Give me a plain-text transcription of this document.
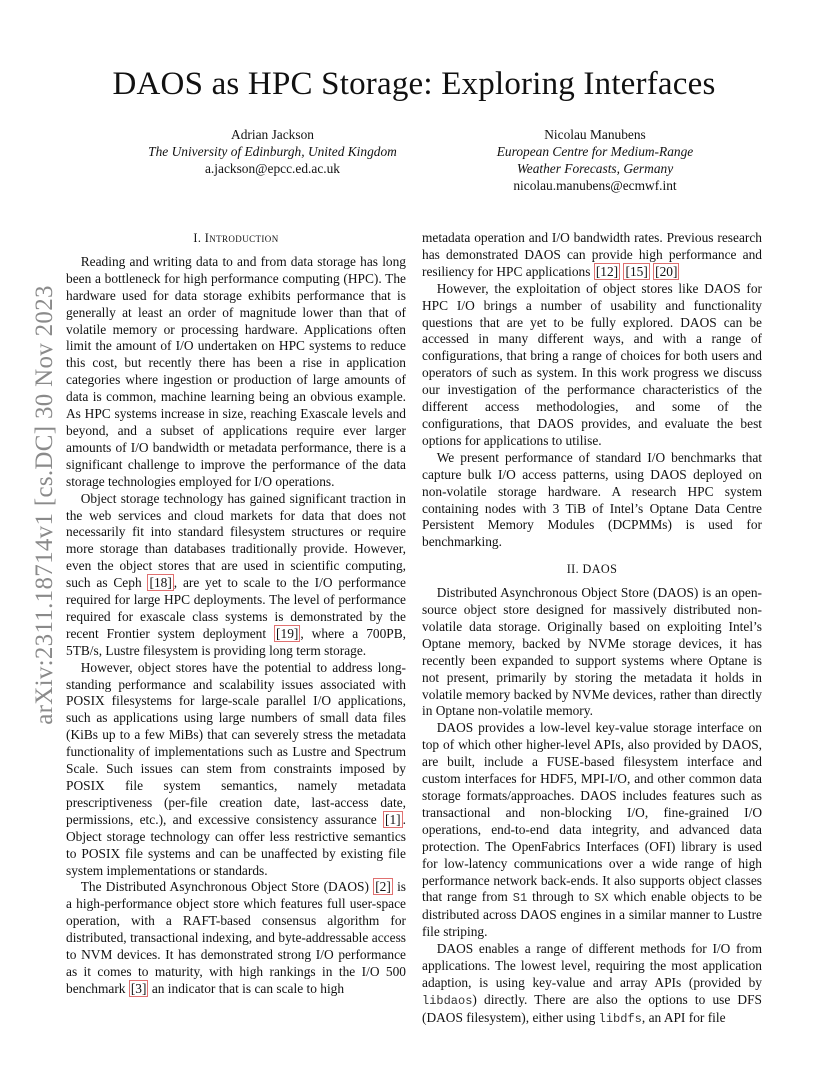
arXiv:2311.18714v1 [cs.DC] 30 Nov 2023
DAOS as HPC Storage: Exploring Interfaces
Adrian Jackson
The University of Edinburgh, United Kingdom
a.jackson@epcc.ed.ac.uk
Nicolau Manubens
European Centre for Medium-Range
Weather Forecasts, Germany
nicolau.manubens@ecmwf.int
I. Introduction

Reading and writing data to and from data storage has long been a bottleneck for high performance computing (HPC). The hardware used for data storage exhibits performance that is generally at least an order of magnitude lower than that of volatile memory or processing hardware. Applications often limit the amount of I/O undertaken on HPC systems to reduce this cost, but recently there has been a rise in application categories where ingestion or production of large amounts of data is common, machine learning being an obvious example. As HPC systems increase in size, reaching Exascale levels and beyond, and a subset of applications require ever larger amounts of I/O bandwidth or metadata performance, there is a significant challenge to improve the performance of the data storage technologies employed for I/O operations.

Object storage technology has gained significant traction in the web services and cloud markets for data that does not necessarily fit into standard filesystem structures or require more storage than databases traditionally provide. However, even the object stores that are used in scientific computing, such as Ceph [18] , are yet to scale to the I/O performance required for large HPC deployments. The level of performance required for exascale class systems is demonstrated by the recent Frontier system deployment [19] , where a 700PB, 5TB/s, Lustre filesystem is providing long term storage.

However, object stores have the potential to address long-standing performance and scalability issues associated with POSIX filesystems for large-scale parallel I/O applications, such as applications using large numbers of small data files (KiBs up to a few MiBs) that can severely stress the metadata functionality of implementations such as Lustre and Spectrum Scale. Such issues can stem from constraints imposed by POSIX file system semantics, namely metadata prescriptiveness (per-file creation date, last-access date, permissions, etc.), and excessive consistency assurance [1] . Object storage technology can offer less restrictive semantics to POSIX file systems and can be unaffected by existing file system implementations or standards.

The Distributed Asynchronous Object Store (DAOS) [2] is a high-performance object store which features full user-space operation, with a RAFT-based consensus algorithm for distributed, transactional indexing, and byte-addressable access to NVM devices. It has demonstrated strong I/O performance as it comes to maturity, with high rankings in the I/O 500 benchmark [3] an indicator that is can scale to high

metadata operation and I/O bandwidth rates. Previous research has demonstrated DAOS can provide high performance and resiliency for HPC applications [12] [15] [20]

However, the exploitation of object stores like DAOS for HPC I/O brings a number of usability and functionality questions that are yet to be fully explored. DAOS can be accessed in many different ways, and with a range of configurations, that bring a range of choices for both users and operators of such as system. In this work progress we discuss our investigation of the performance characteristics of the different access methodologies, and some of the configurations, that DAOS provides, and evaluate the best options for applications to utilise.

We present performance of standard I/O benchmarks that capture bulk I/O access patterns, using DAOS deployed on non-volatile storage hardware. A research HPC system containing nodes with 3 TiB of Intel’s Optane Data Centre Persistent Memory Modules (DCPMMs) is used for benchmarking.

II. DAOS

Distributed Asynchronous Object Store (DAOS) is an open-source object store designed for massively distributed non-volatile data storage. Originally based on exploiting Intel’s Optane memory, backed by NVMe storage devices, it has recently been expanded to support systems where Optane is not present, primarily by storing the metadata it holds in volatile memory backed by NVMe devices, rather than directly in Optane non-volatile memory.

DAOS provides a low-level key-value storage interface on top of which other higher-level APIs, also provided by DAOS, are built, include a FUSE-based filesystem interface and custom interfaces for HDF5, MPI-I/O, and other common data storage formats/approaches. DAOS includes features such as transactional and non-blocking I/O, fine-grained I/O operations, end-to-end data integrity, and advanced data protection. The OpenFabrics Interfaces (OFI) library is used for low-latency communications over a wide range of high performance network back-ends. It also supports object classes that range from S1 through to SX which enable objects to be distributed across DAOS engines in a similar manner to Lustre file striping.

DAOS enables a range of different methods for I/O from applications. The lowest level, requiring the most application adaption, is using key-value and array APIs (provided by libdaos) directly. There are also the options to use DFS (DAOS filesystem), either using libdfs, an API for file
